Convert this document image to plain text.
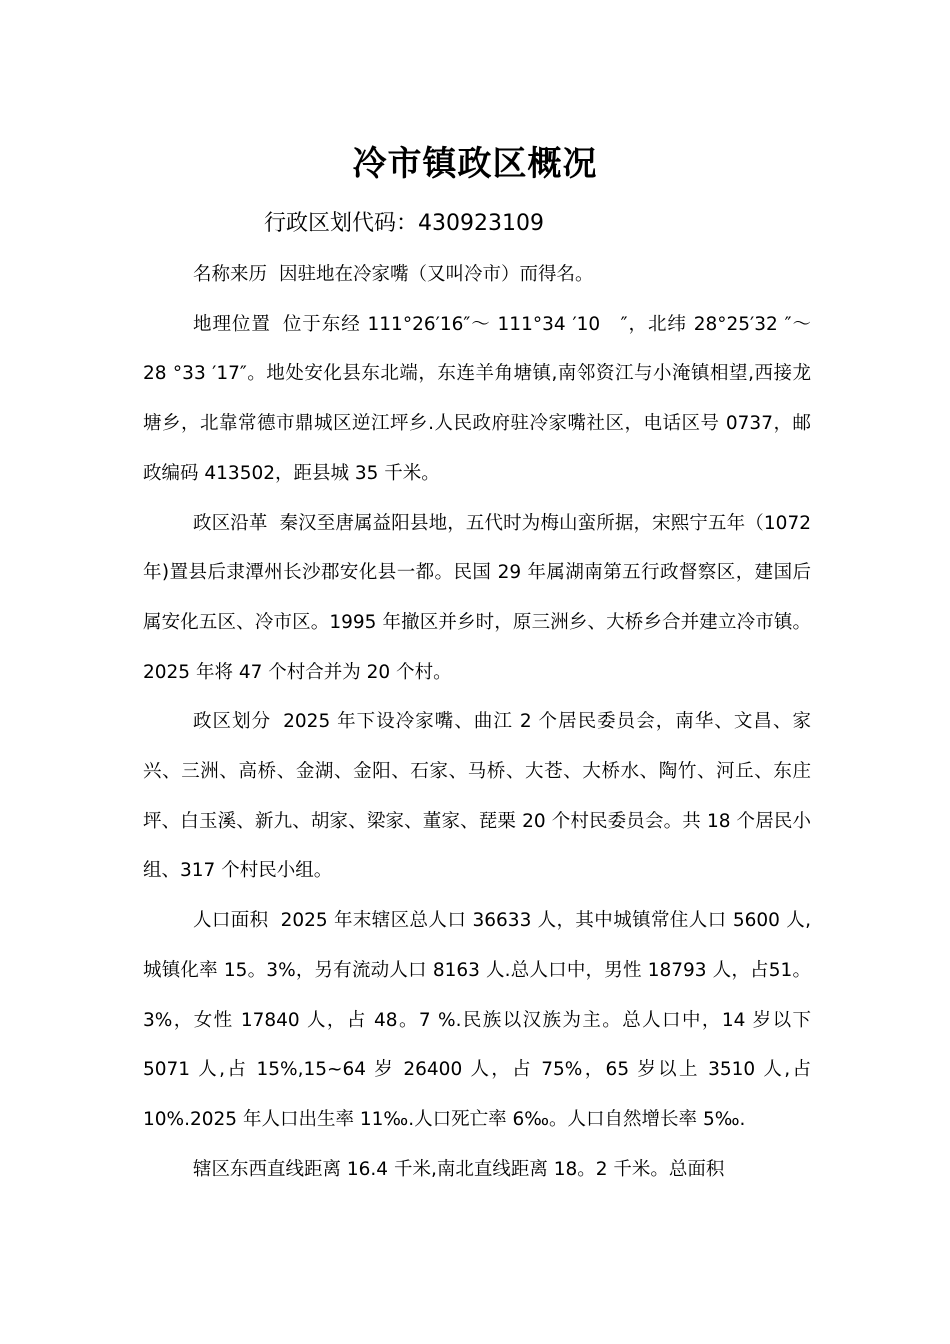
冷市镇政区概况
行政区划代码：430923109

名称来历 因驻地在冷家嘴（又叫冷市）而得名。

地理位置 位于东经 111°26′16″～ 111°34 ′10　″，北纬 28°25′32 ″～28 °33 ′17″。地处安化县东北端，东连羊角塘镇,南邻资江与小淹镇相望,西接龙塘乡，北靠常德市鼎城区逆江坪乡.人民政府驻冷家嘴社区，电话区号 0737，邮政编码 413502，距县城 35 千米。

政区沿革 秦汉至唐属益阳县地，五代时为梅山蛮所据，宋熙宁五年（1072 年)置县后隶潭州长沙郡安化县一都。民国 29 年属湖南第五行政督察区，建国后属安化五区、冷市区。1995 年撤区并乡时，原三洲乡、大桥乡合并建立冷市镇。2025 年将 47 个村合并为 20 个村。

政区划分 2025 年下设冷家嘴、曲江 2 个居民委员会，南华、文昌、家兴、三洲、高桥、金湖、金阳、石家、马桥、大苍、大桥水、陶竹、河丘、东庄坪、白玉溪、新九、胡家、梁家、董家、琵栗 20 个村民委员会。共 18 个居民小组、317 个村民小组。

人口面积 2025 年末辖区总人口 36633 人，其中城镇常住人口 5600 人,城镇化率 15。3%，另有流动人口 8163 人.总人口中，男性 18793 人，占51。3%，女性 17840 人，占 48。7 %.民族以汉族为主。总人口中，14 岁以下 5071 人,占 15%,15~64 岁 26400 人，占 75%，65 岁以上 3510 人,占10%.2025 年人口出生率 11‰.人口死亡率 6‰。人口自然增长率 5‰.

辖区东西直线距离 16.4 千米,南北直线距离 18。2 千米。总面积
